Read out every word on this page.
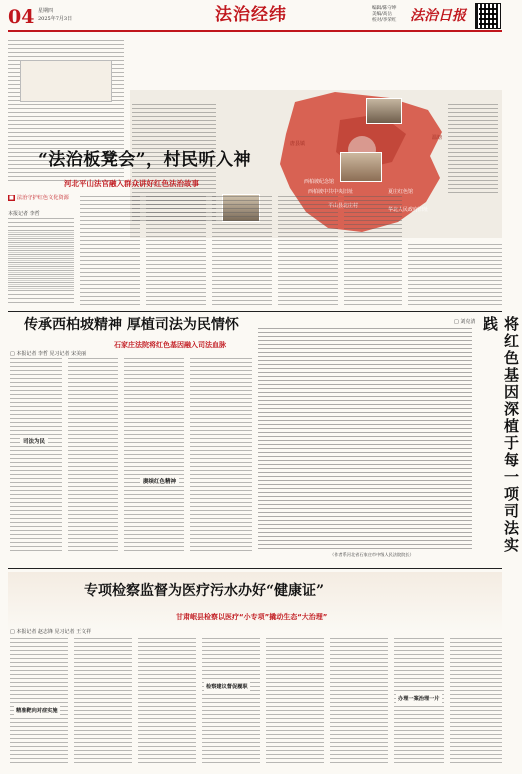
04 星期四
2025年7月3日	法治经纬	编辑/陈守坤
美编/高岳
校对/李荣红 法治日报
西柏坡纪念馆
西柏坡中共中央旧址
平山县北庄村
夏庄红色馆
华北人民政府旧址
温塘
唐县镇
“法治板凳会”，村民听入神
河北平山法官融入群众讲好红色法治故事
■ 法治守护红色文化资源
本报记者 李哲
□ 刘克清	将红色基因深植于每一项司法实践
（作者系河北省石家庄市中级人民法院院长）
传承西柏坡精神 厚植司法为民情怀
石家庄法院将红色基因融入司法血脉
□ 本报记者 李哲 见习记者 宋美丽
司法为民
赓续红色精神
专项检察监督为医疗污水办好“健康证”
甘肃岷县检察以医疗“小专项”撬动生态“大治理”
□ 本报记者 赵志锋 见习记者 王文祥
精准靶向对症实施
检察建议督促履职
办理一案治理一片
